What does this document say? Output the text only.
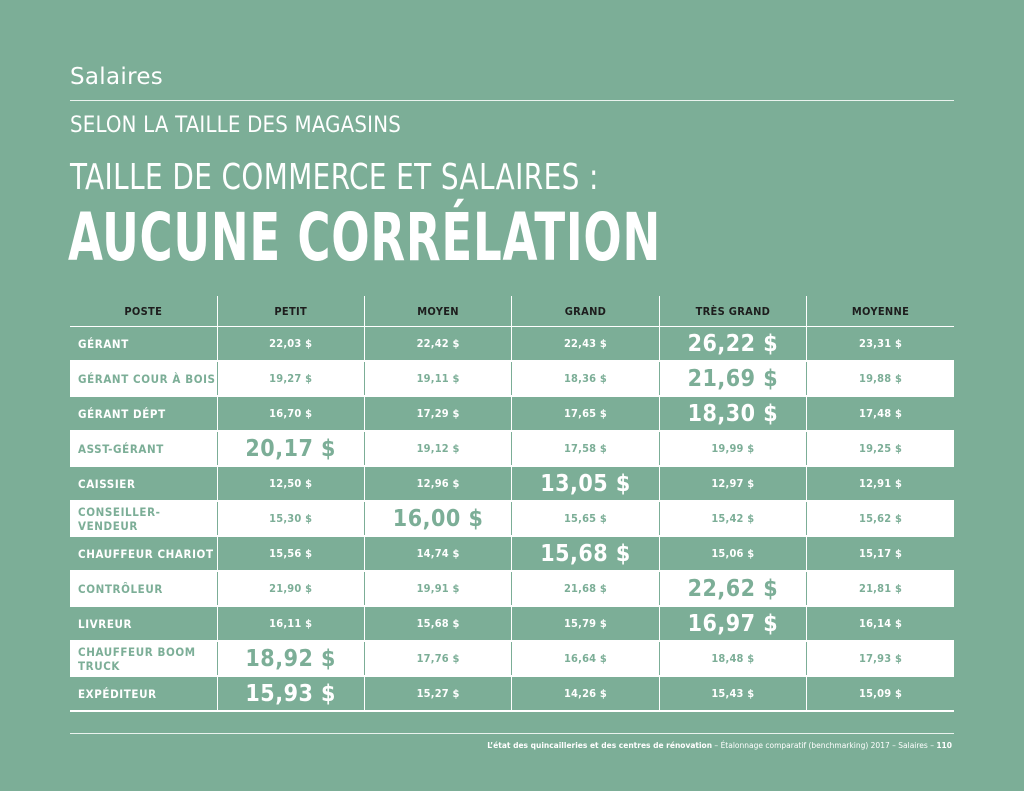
Salaires
SELON LA TAILLE DES MAGASINS
TAILLE DE COMMERCE ET SALAIRES :
AUCUNE CORRÉLATION
POSTE	PETIT	MOYEN	GRAND	TRÈS GRAND	MOYENNE
GÉRANT	22,03 $	22,42 $	22,43 $	26,22 $	23,31 $
GÉRANT COUR À BOIS	19,27 $	19,11 $	18,36 $	21,69 $	19,88 $
GÉRANT DÉPT	16,70 $	17,29 $	17,65 $	18,30 $	17,48 $
ASST-GÉRANT	20,17 $	19,12 $	17,58 $	19,99 $	19,25 $
CAISSIER	12,50 $	12,96 $	13,05 $	12,97 $	12,91 $
CONSEILLER-VENDEUR	15,30 $	16,00 $	15,65 $	15,42 $	15,62 $
CHAUFFEUR CHARIOT	15,56 $	14,74 $	15,68 $	15,06 $	15,17 $
CONTRÔLEUR	21,90 $	19,91 $	21,68 $	22,62 $	21,81 $
LIVREUR	16,11 $	15,68 $	15,79 $	16,97 $	16,14 $
CHAUFFEUR BOOM TRUCK	18,92 $	17,76 $	16,64 $	18,48 $	17,93 $
EXPÉDITEUR	15,93 $	15,27 $	14,26 $	15,43 $	15,09 $
L’état des quincailleries et des centres de rénovation – Étalonnage comparatif (benchmarking) 2017 – Salaires – 110
